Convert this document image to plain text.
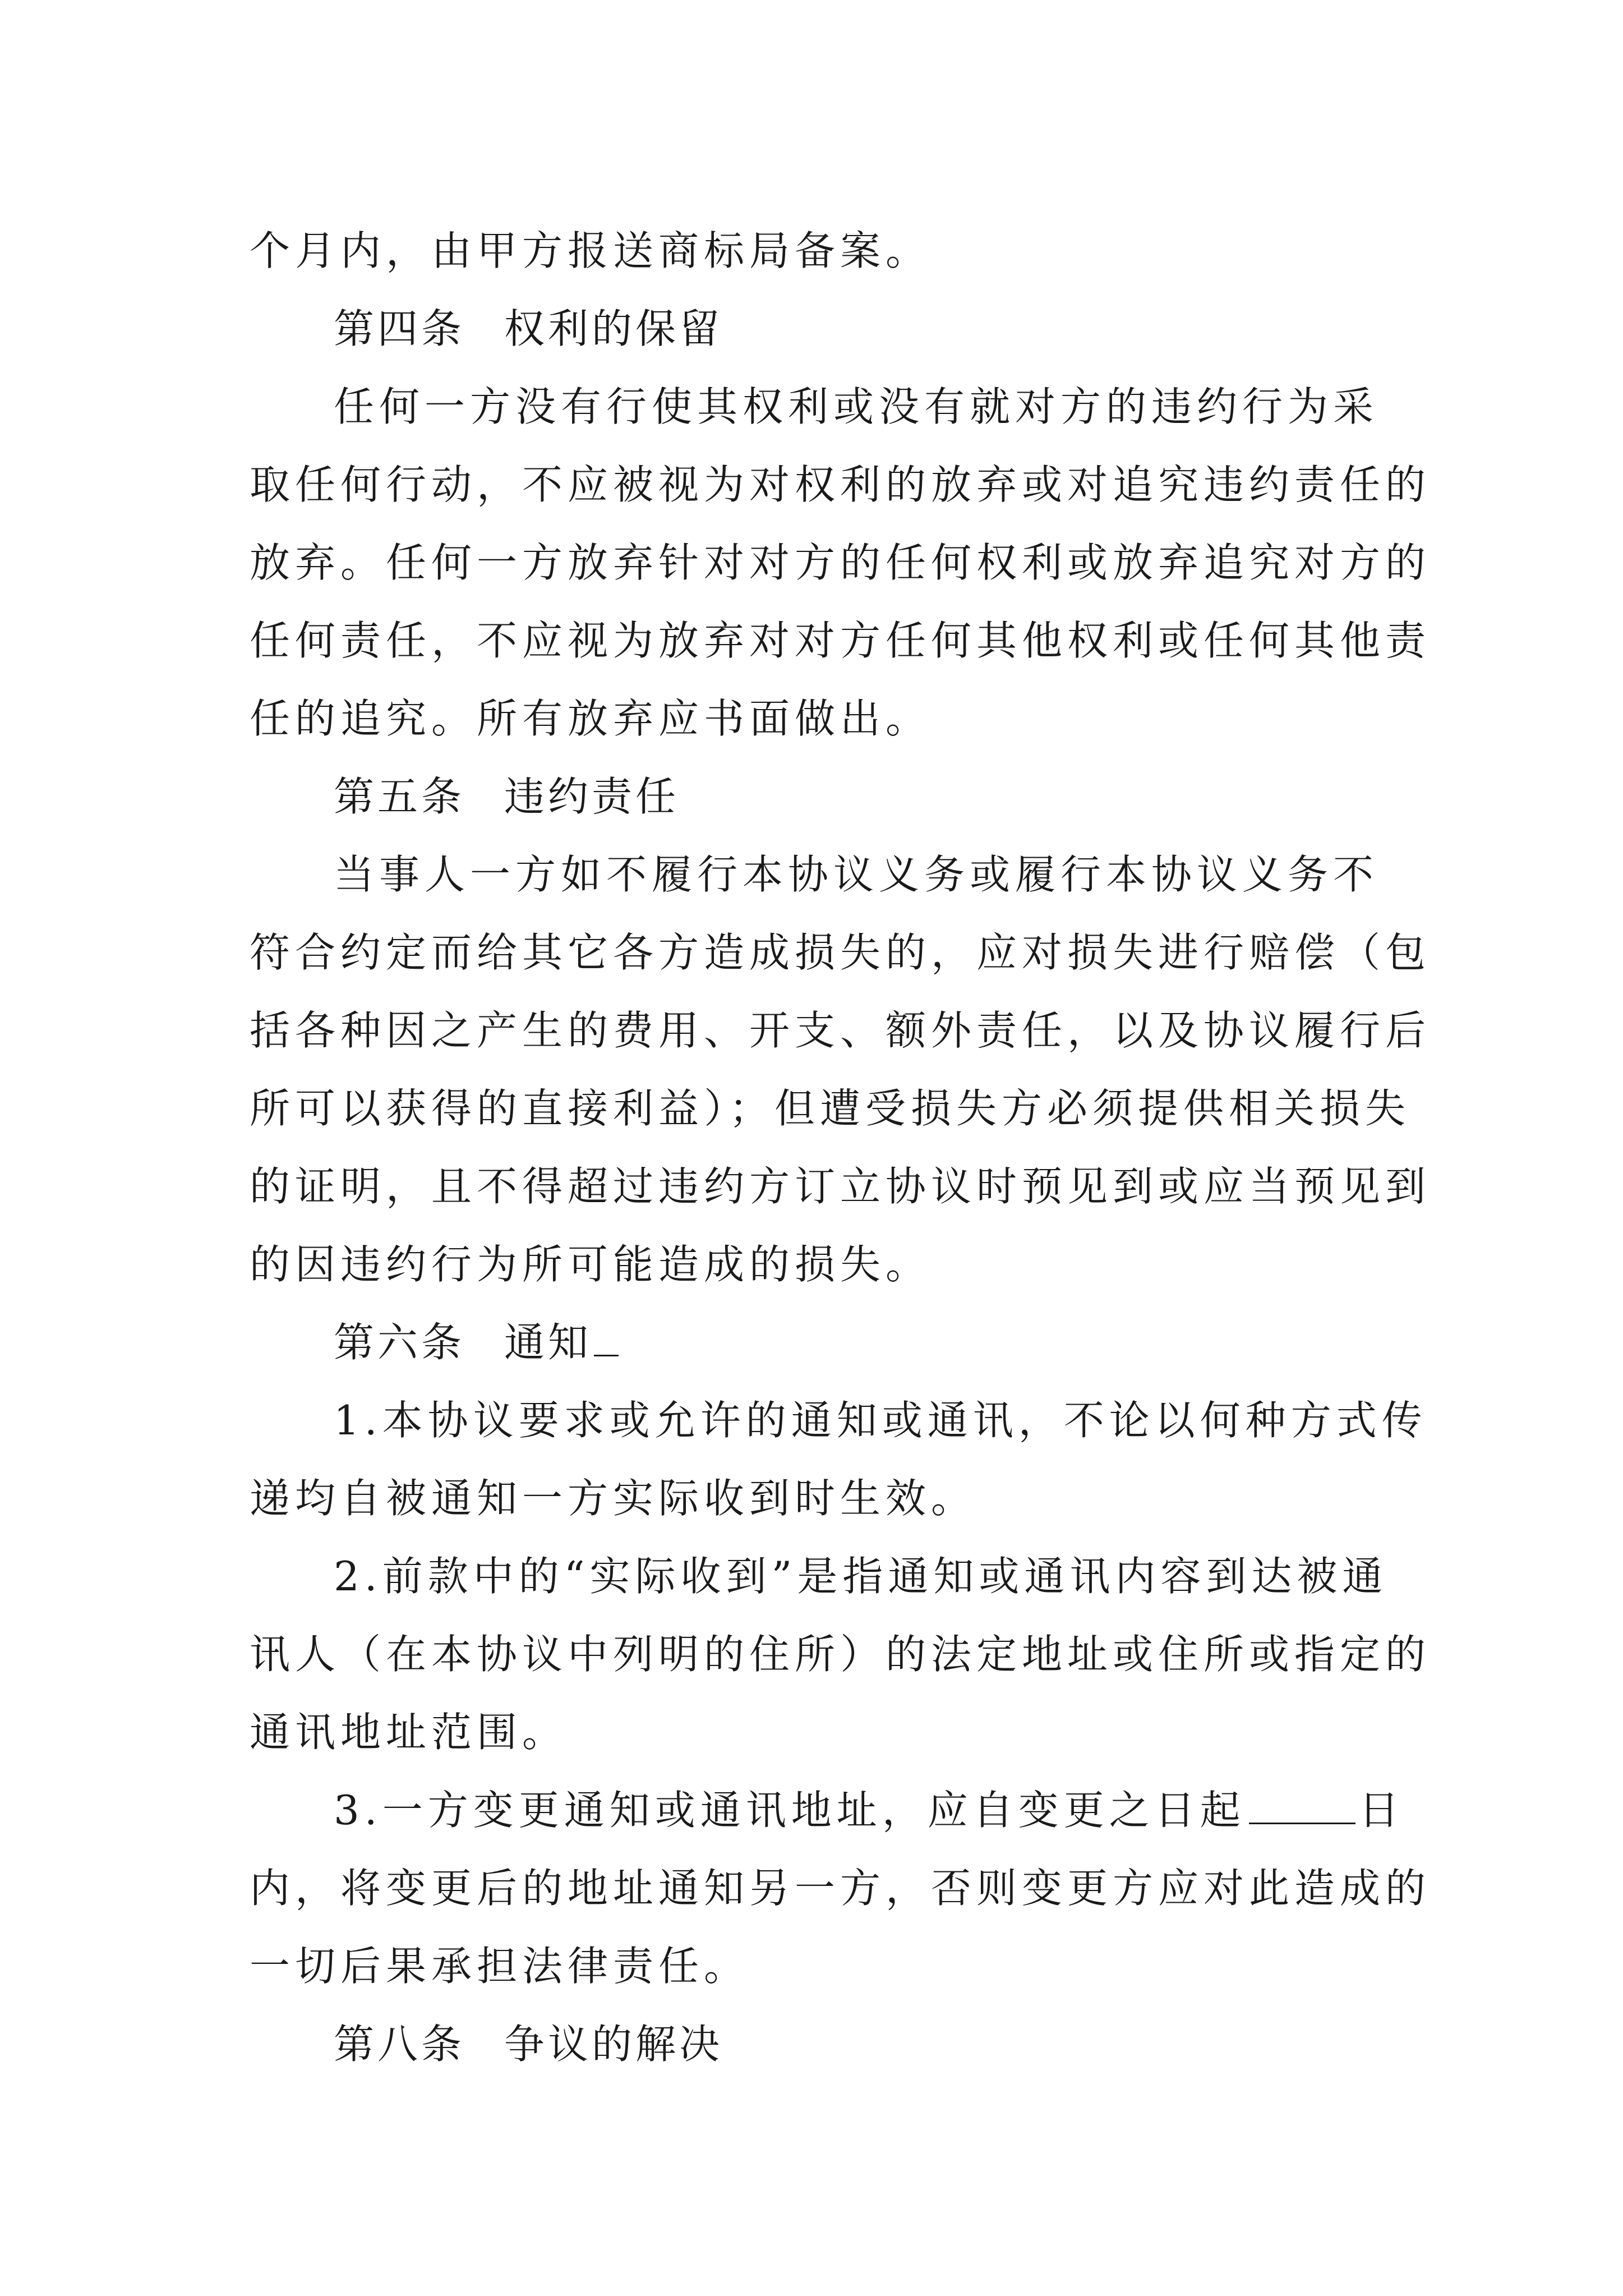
个月内，由甲方报送商标局备案。
第四条 权利的保留
任何一方没有行使其权利或没有就对方的违约行为采
取任何行动，不应被视为对权利的放弃或对追究违约责任的
放弃。任何一方放弃针对对方的任何权利或放弃追究对方的
任何责任，不应视为放弃对对方任何其他权利或任何其他责
任的追究。所有放弃应书面做出。
第五条 违约责任
当事人一方如不履行本协议义务或履行本协议义务不
符合约定而给其它各方造成损失的，应对损失进行赔偿（包
括各种因之产生的费用、开支、额外责任，以及协议履行后
所可以获得的直接利益）；但遭受损失方必须提供相关损失
的证明，且不得超过违约方订立协议时预见到或应当预见到
的因违约行为所可能造成的损失。
第六条 通知
1.本协议要求或允许的通知或通讯，不论以何种方式传
递均自被通知一方实际收到时生效。
2.前款中的“实际收到”是指通知或通讯内容到达被通
讯人（在本协议中列明的住所）的法定地址或住所或指定的
通讯地址范围。
3.一方变更通知或通讯地址，应自变更之日起	日
内，将变更后的地址通知另一方，否则变更方应对此造成的
一切后果承担法律责任。
第八条 争议的解决
